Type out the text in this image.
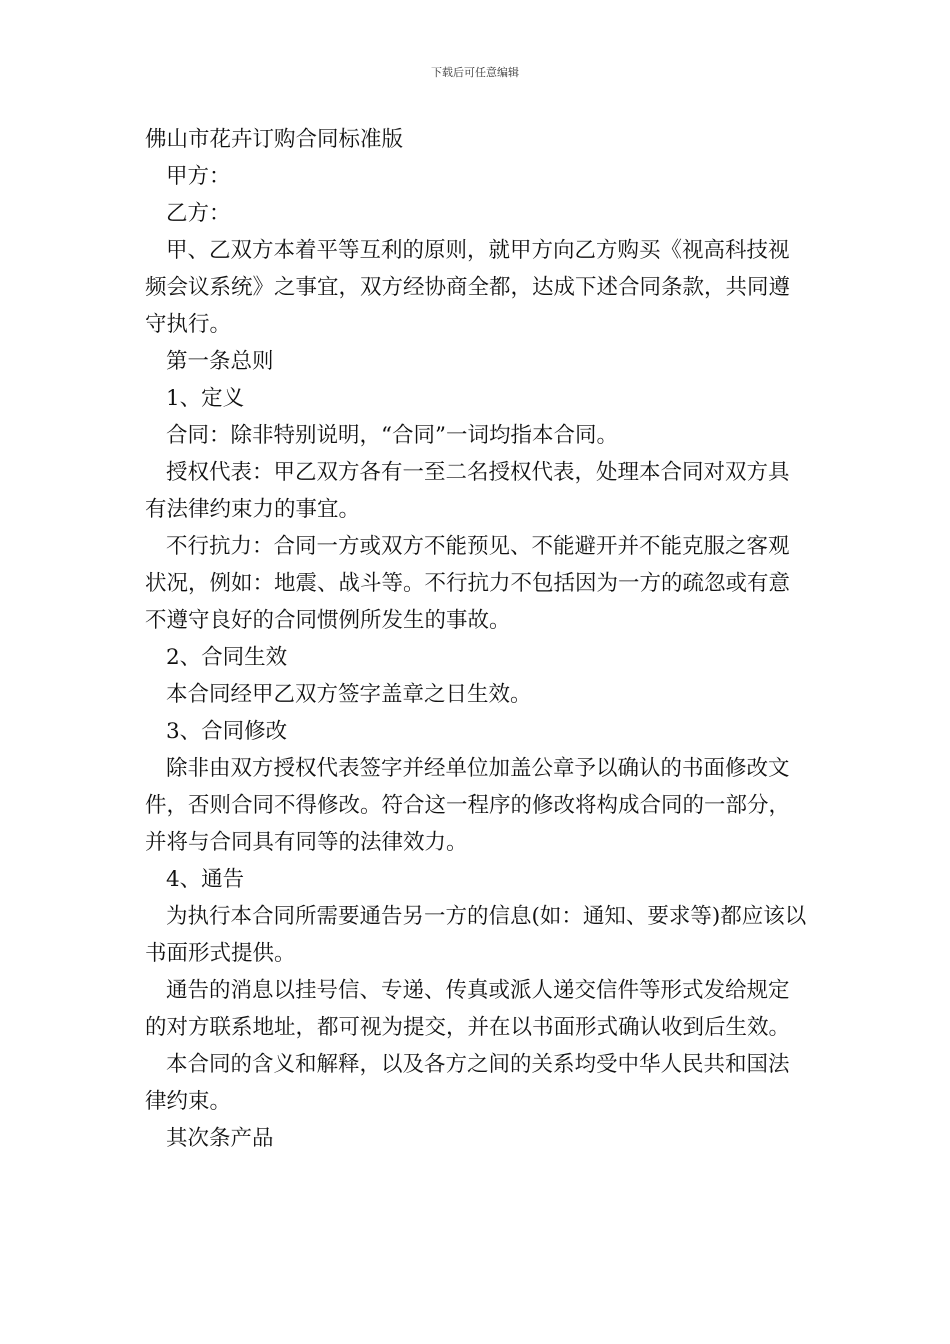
下载后可任意编辑

佛山市花卉订购合同标准版

甲方：

乙方：

甲、乙双方本着平等互利的原则，就甲方向乙方购买《视高科技视频会议系统》之事宜，双方经协商全都，达成下述合同条款，共同遵守执行。

第一条总则

1、定义

合同：除非特别说明，“合同”一词均指本合同。

授权代表：甲乙双方各有一至二名授权代表，处理本合同对双方具有法律约束力的事宜。

不行抗力：合同一方或双方不能预见、不能避开并不能克服之客观状况，例如：地震、战斗等。不行抗力不包括因为一方的疏忽或有意不遵守良好的合同惯例所发生的事故。

2、合同生效

本合同经甲乙双方签字盖章之日生效。

3、合同修改

除非由双方授权代表签字并经单位加盖公章予以确认的书面修改文件，否则合同不得修改。符合这一程序的修改将构成合同的一部分，并将与合同具有同等的法律效力。

4、通告

为执行本合同所需要通告另一方的信息(如：通知、要求等)都应该以书面形式提供。

通告的消息以挂号信、专递、传真或派人递交信件等形式发给规定的对方联系地址，都可视为提交，并在以书面形式确认收到后生效。

本合同的含义和解释，以及各方之间的关系均受中华人民共和国法律约束。

其次条产品
